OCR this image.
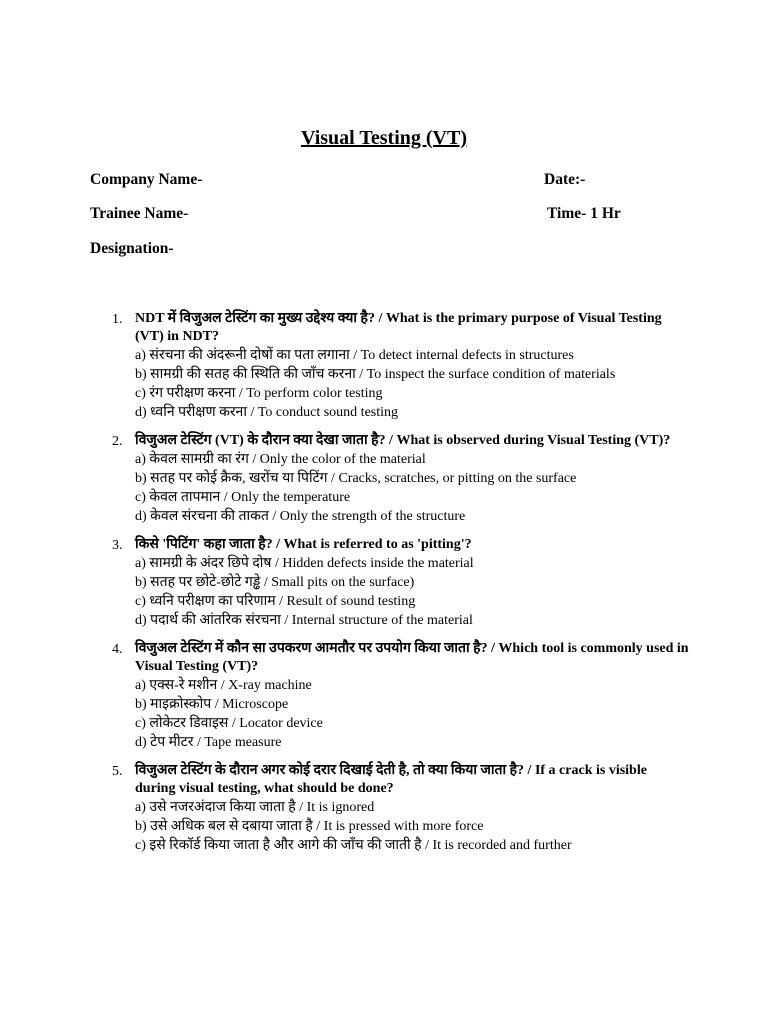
Visual Testing (VT)
Company Name-	Date:-
Trainee Name-	Time- 1 Hr
Designation-
1. NDT में विजुअल टेस्टिंग का मुख्य उद्देश्य क्या है? / What is the primary purpose of Visual Testing (VT) in NDT?
a) संरचना की अंदरूनी दोषों का पता लगाना / To detect internal defects in structures
b) सामग्री की सतह की स्थिति की जाँच करना / To inspect the surface condition of materials
c) रंग परीक्षण करना / To perform color testing
d) ध्वनि परीक्षण करना / To conduct sound testing
2. विजुअल टेस्टिंग (VT) के दौरान क्या देखा जाता है? / What is observed during Visual Testing (VT)?
a) केवल सामग्री का रंग / Only the color of the material
b) सतह पर कोई क्रैक, खरोंच या पिटिंग / Cracks, scratches, or pitting on the surface
c) केवल तापमान / Only the temperature
d) केवल संरचना की ताकत / Only the strength of the structure
3. किसे 'पिटिंग' कहा जाता है? / What is referred to as 'pitting'?
a) सामग्री के अंदर छिपे दोष / Hidden defects inside the material
b) सतह पर छोटे-छोटे गड्ढे / Small pits on the surface)
c) ध्वनि परीक्षण का परिणाम / Result of sound testing
d) पदार्थ की आंतरिक संरचना / Internal structure of the material
4. विजुअल टेस्टिंग में कौन सा उपकरण आमतौर पर उपयोग किया जाता है? / Which tool is commonly used in Visual Testing (VT)?
a) एक्स-रे मशीन / X-ray machine
b) माइक्रोस्कोप / Microscope
c) लोकेटर डिवाइस / Locator device
d) टेप मीटर / Tape measure
5. विजुअल टेस्टिंग के दौरान अगर कोई दरार दिखाई देती है, तो क्या किया जाता है? / If a crack is visible during visual testing, what should be done?
a) उसे नजरअंदाज किया जाता है / It is ignored
b) उसे अधिक बल से दबाया जाता है / It is pressed with more force
c) इसे रिकॉर्ड किया जाता है और आगे की जाँच की जाती है / It is recorded and further
